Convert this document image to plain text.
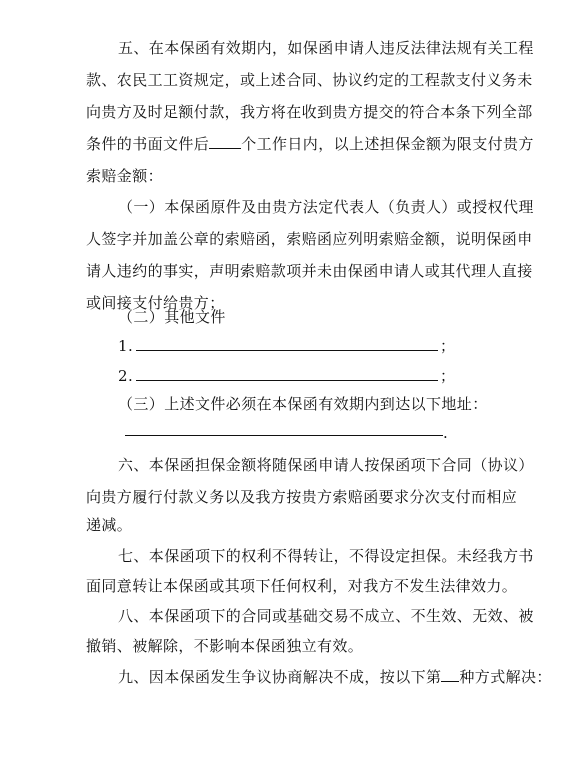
五、在本保函有效期内，如保函申请人违反法律法规有关工程
款、农民工工资规定，或上述合同、协议约定的工程款支付义务未
向贵方及时足额付款，我方将在收到贵方提交的符合本条下列全部
条件的书面文件后 个工作日内，以上述担保金额为限支付贵方
索赔金额：
（一）本保函原件及由贵方法定代表人（负责人）或授权代理
人签字并加盖公章的索赔函，索赔函应列明索赔金额，说明保函申
请人违约的事实，声明索赔款项并未由保函申请人或其代理人直接
或间接支付给贵方；
（二）其他文件
1.	；
2.	；
（三）上述文件必须在本保函有效期内到达以下地址：
.
六、本保函担保金额将随保函申请人按保函项下合同（协议）
向贵方履行付款义务以及我方按贵方索赔函要求分次支付而相应
递减。
七、本保函项下的权利不得转让，不得设定担保。未经我方书
面同意转让本保函或其项下任何权利，对我方不发生法律效力。
八、本保函项下的合同或基础交易不成立、不生效、无效、被
撤销、被解除，不影响本保函独立有效。
九、因本保函发生争议协商解决不成，按以下第 种方式解决：
